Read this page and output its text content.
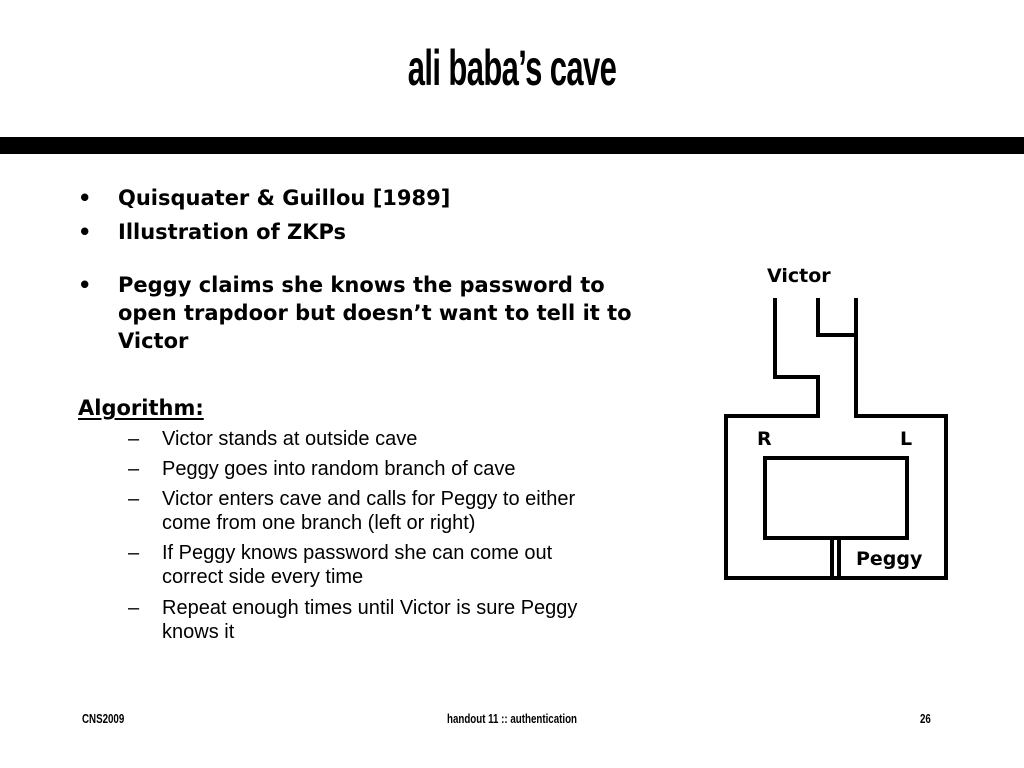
ali baba’s cave
•	Quisquater & Guillou [1989]
•	Illustration of ZKPs
•	Peggy claims she knows the password to
open trapdoor but doesn’t want to tell it to
Victor
Algorithm:
– Victor stands at outside cave
– Peggy goes into random branch of cave
– Victor enters cave and calls for Peggy to either
come from one branch (left or right)
– If Peggy knows password she can come out
correct side every time
– Repeat enough times until Victor is sure Peggy
knows it
Victor
R	L
Peggy
CNS2009	handout 11 :: authentication	26
